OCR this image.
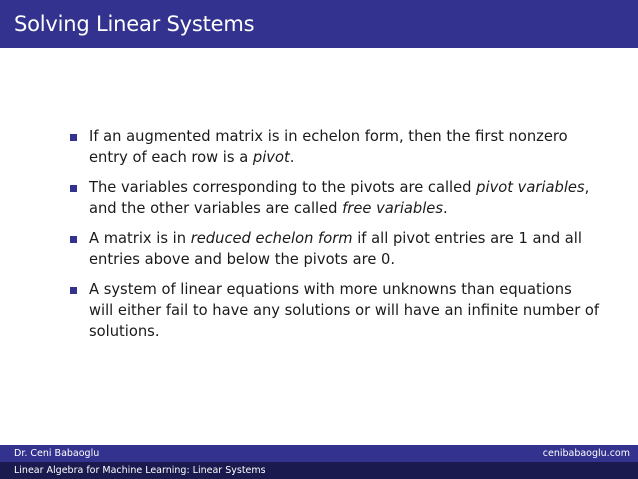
Solving Linear Systems
If an augmented matrix is in echelon form, then the first nonzero entry of each row is a pivot.
The variables corresponding to the pivots are called pivot variables, and the other variables are called free variables.
A matrix is in reduced echelon form if all pivot entries are 1 and all entries above and below the pivots are 0.
A system of linear equations with more unknowns than equations will either fail to have any solutions or will have an infinite number of solutions.
Dr. Ceni Babaoglu	cenibabaoglu.com
Linear Algebra for Machine Learning: Linear Systems
